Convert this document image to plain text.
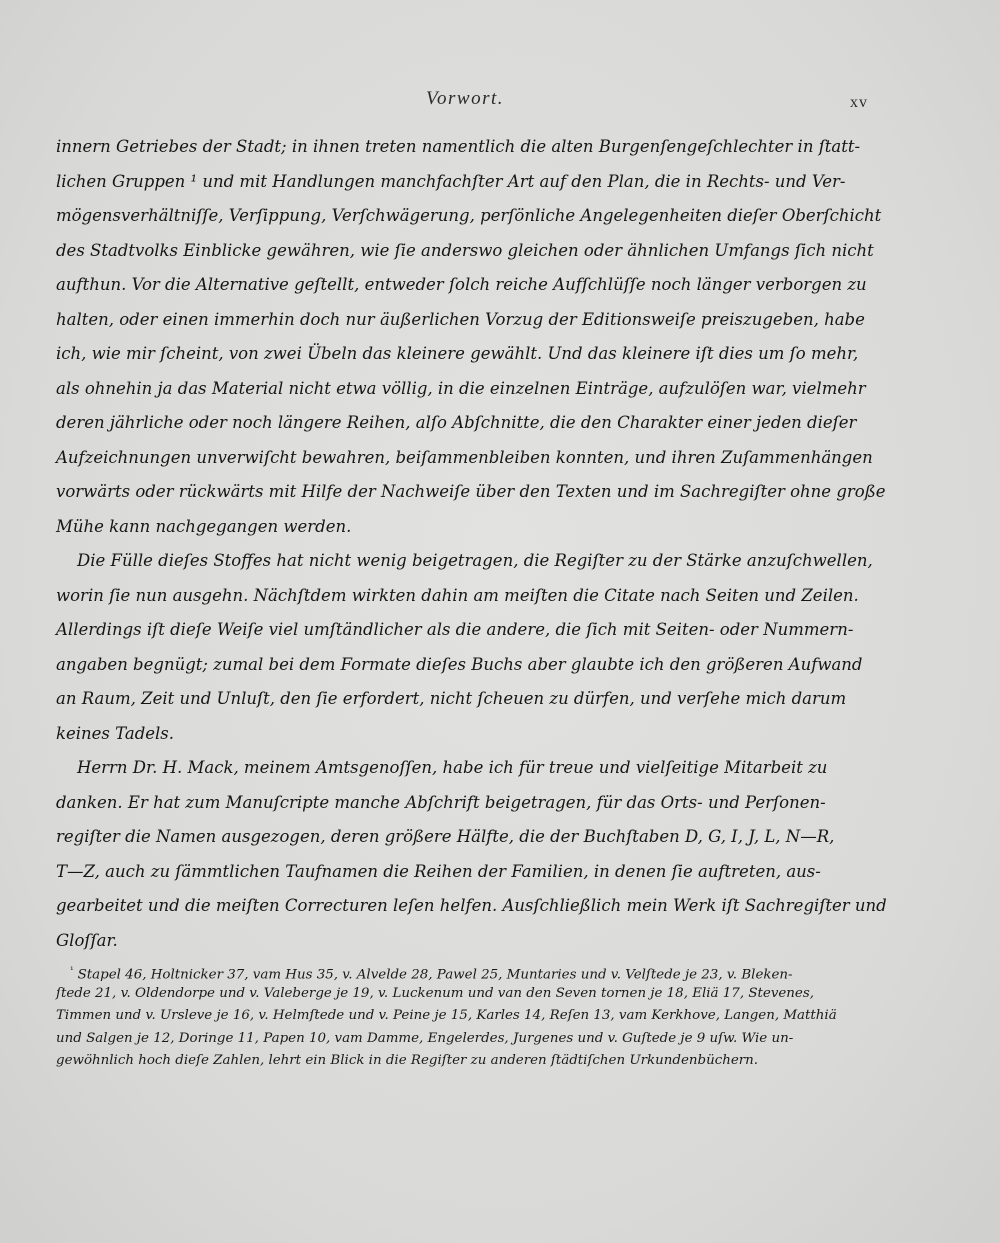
Vorwort.	xv
innern Getriebes der Stadt; in ihnen treten namentlich die alten Burgenſengeſchlechter in ſtatt-
lichen Gruppen ¹ und mit Handlungen manchfachſter Art auf den Plan, die in Rechts- und Ver-
mögensverhältniſſe, Verſippung, Verſchwägerung, perſönliche Angelegenheiten dieſer Oberſchicht
des Stadtvolks Einblicke gewähren, wie ſie anderswo gleichen oder ähnlichen Umfangs ſich nicht
aufthun. Vor die Alternative geſtellt, entweder ſolch reiche Aufſchlüſſe noch länger verborgen zu
halten, oder einen immerhin doch nur äußerlichen Vorzug der Editionsweiſe preiszugeben, habe
ich, wie mir ſcheint, von zwei Übeln das kleinere gewählt. Und das kleinere iſt dies um ſo mehr,
als ohnehin ja das Material nicht etwa völlig, in die einzelnen Einträge, aufzulöſen war, vielmehr
deren jährliche oder noch längere Reihen, alſo Abſchnitte, die den Charakter einer jeden dieſer
Aufzeichnungen unverwiſcht bewahren, beiſammenbleiben konnten, und ihren Zuſammenhängen
vorwärts oder rückwärts mit Hilfe der Nachweiſe über den Texten und im Sachregiſter ohne große
Mühe kann nachgegangen werden.
Die Fülle dieſes Stoffes hat nicht wenig beigetragen, die Regiſter zu der Stärke anzuſchwellen,
worin ſie nun ausgehn. Nächſtdem wirkten dahin am meiſten die Citate nach Seiten und Zeilen.
Allerdings iſt dieſe Weiſe viel umſtändlicher als die andere, die ſich mit Seiten- oder Nummern-
angaben begnügt; zumal bei dem Formate dieſes Buchs aber glaubte ich den größeren Aufwand
an Raum, Zeit und Unluſt, den ſie erfordert, nicht ſcheuen zu dürfen, und verſehe mich darum
keines Tadels.
Herrn Dr. H. Mack, meinem Amtsgenoſſen, habe ich für treue und vielſeitige Mitarbeit zu
danken. Er hat zum Manuſcripte manche Abſchrift beigetragen, für das Orts- und Perſonen-
regiſter die Namen ausgezogen, deren größere Hälfte, die der Buchſtaben D, G, I, J, L, N—R,
T—Z, auch zu ſämmtlichen Taufnamen die Reihen der Familien, in denen ſie auftreten, aus-
gearbeitet und die meiſten Correcturen leſen helfen. Ausſchließlich mein Werk iſt Sachregiſter und
Gloſſar.
$^{^1}$ Stapel 46, Holtnicker 37, vam Hus 35, v. Alvelde 28, Pawel 25, Muntaries und v. Velſtede je 23, v. Bleken-
ſtede 21, v. Oldendorpe und v. Valeberge je 19, v. Luckenum und van den Seven tornen je 18, Eliä 17, Stevenes,
Timmen und v. Ursleve je 16, v. Helmſtede und v. Peine je 15, Karles 14, Reſen 13, vam Kerkhove, Langen, Matthiä
und Salgen je 12, Doringe 11, Papen 10, vam Damme, Engelerdes, Jurgenes und v. Guſtede je 9 uſw. Wie un-
gewöhnlich hoch dieſe Zahlen, lehrt ein Blick in die Regiſter zu anderen ſtädtiſchen Urkundenbüchern.
